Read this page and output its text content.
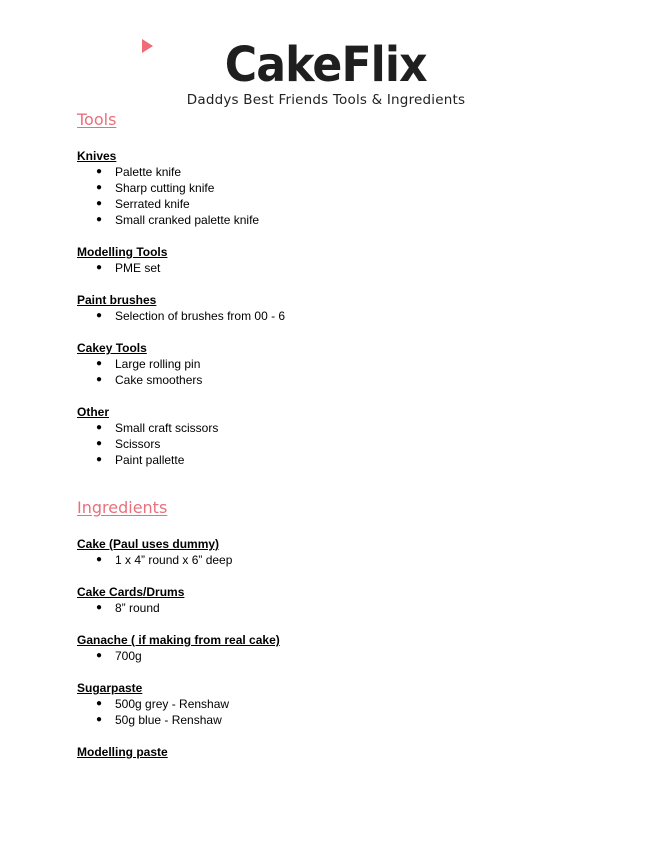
CakeFlix
Daddys Best Friends Tools & Ingredients
Tools
Knives
● Palette knife
● Sharp cutting knife
● Serrated knife
● Small cranked palette knife
Modelling Tools
● PME set
Paint brushes
● Selection of brushes from 00 - 6
Cakey Tools
● Large rolling pin
● Cake smoothers
Other
● Small craft scissors
● Scissors
● Paint pallette
Ingredients
Cake (Paul uses dummy)
● 1 x 4” round x 6” deep
Cake Cards/Drums
● 8” round
Ganache ( if making from real cake)
● 700g
Sugarpaste
● 500g grey - Renshaw
● 50g blue - Renshaw
Modelling paste
